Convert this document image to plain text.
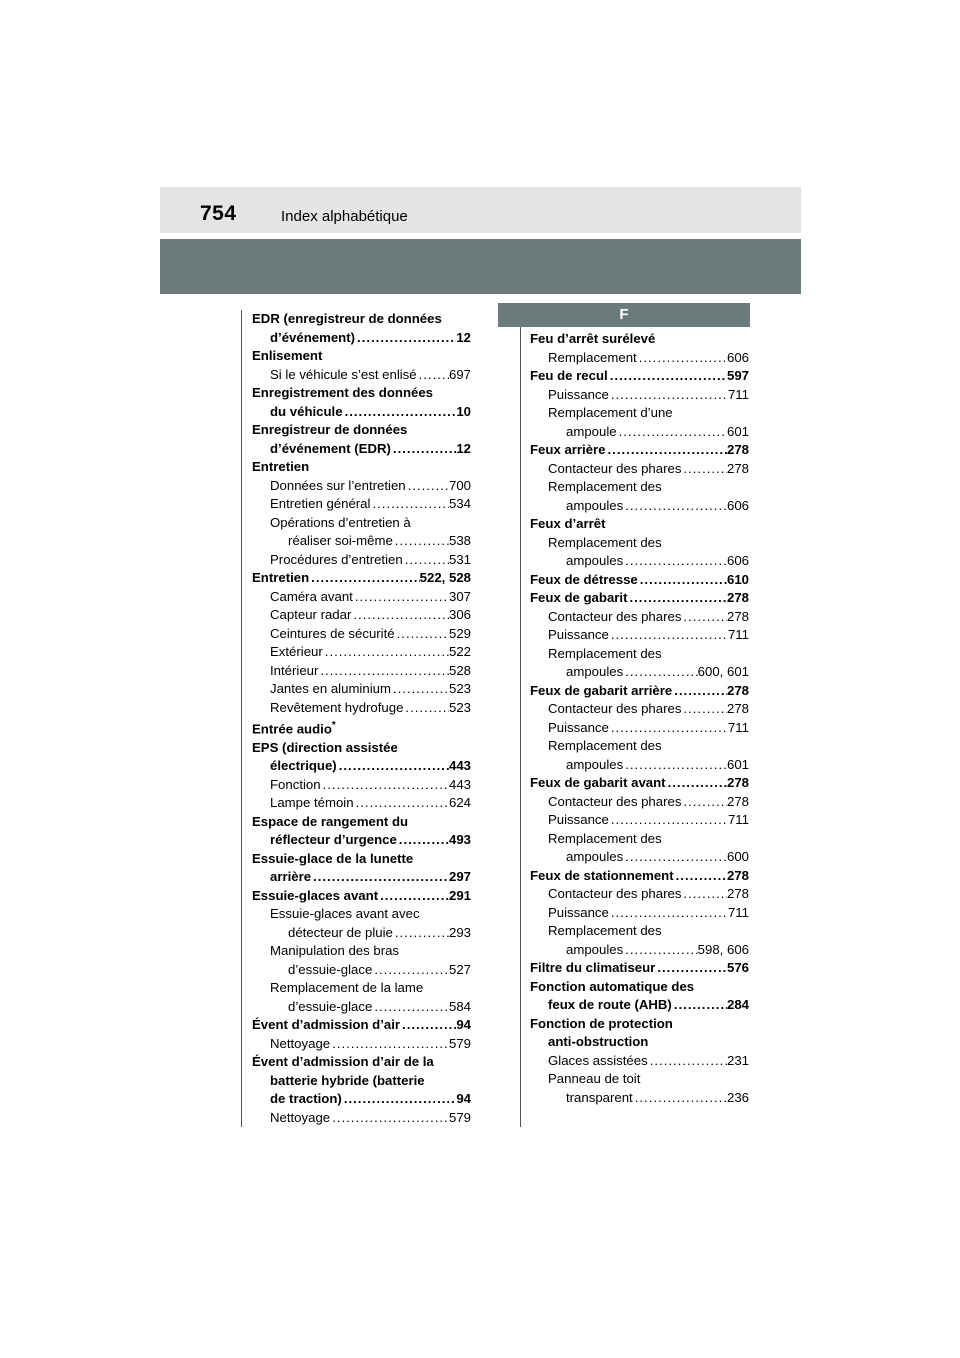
754	Index alphabétique
EDR (enregistreur de données
d’événement) .....	12
Enlisement
Si le véhicule s’est enlisé ..... 697
Enregistrement des données
du véhicule .....	10
Enregistreur de données
d’événement (EDR) .....	12
Entretien
Données sur l’entretien .....	700
Entretien général .....	534
Opérations d’entretien à
réaliser soi-même .....	538
Procédures d’entretien .....	531
Entretien .....	522, 528
Caméra avant .....	307
Capteur radar .....	306
Ceintures de sécurité .....	529
Extérieur .....	522
Intérieur .....	528
Jantes en aluminium .....	523
Revêtement hydrofuge .....	523
Entrée audio*
EPS (direction assistée
électrique) .....	443
Fonction .....	443
Lampe témoin .....	624
Espace de rangement du
réflecteur d’urgence .....	493
Essuie-glace de la lunette
arrière .....	297
Essuie-glaces avant .....	291
Essuie-glaces avant avec
détecteur de pluie .....	293
Manipulation des bras
d’essuie-glace .....	527
Remplacement de la lame
d’essuie-glace .....	584
Évent d’admission d’air .....	94
Nettoyage .....	579
Évent d’admission d’air de la
batterie hybride (batterie
de traction) .....	94
Nettoyage .....	579
F
Feu d’arrêt surélevé
Remplacement .....	606
Feu de recul .....	597
Puissance .....	711
Remplacement d’une
ampoule .....	601
Feux arrière .....	278
Contacteur des phares .....	278
Remplacement des
ampoules .....	606
Feux d’arrêt
Remplacement des
ampoules .....	606
Feux de détresse .....	610
Feux de gabarit .....	278
Contacteur des phares .....	278
Puissance .....	711
Remplacement des
ampoules .....	600, 601
Feux de gabarit arrière .....	278
Contacteur des phares .....	278
Puissance .....	711
Remplacement des
ampoules .....	601
Feux de gabarit avant .....	278
Contacteur des phares .....	278
Puissance .....	711
Remplacement des
ampoules .....	600
Feux de stationnement .....	278
Contacteur des phares .....	278
Puissance .....	711
Remplacement des
ampoules .....	598, 606
Filtre du climatiseur .....	576
Fonction automatique des
feux de route (AHB) .....	284
Fonction de protection
anti-obstruction
Glaces assistées .....	231
Panneau de toit
transparent .....	236
